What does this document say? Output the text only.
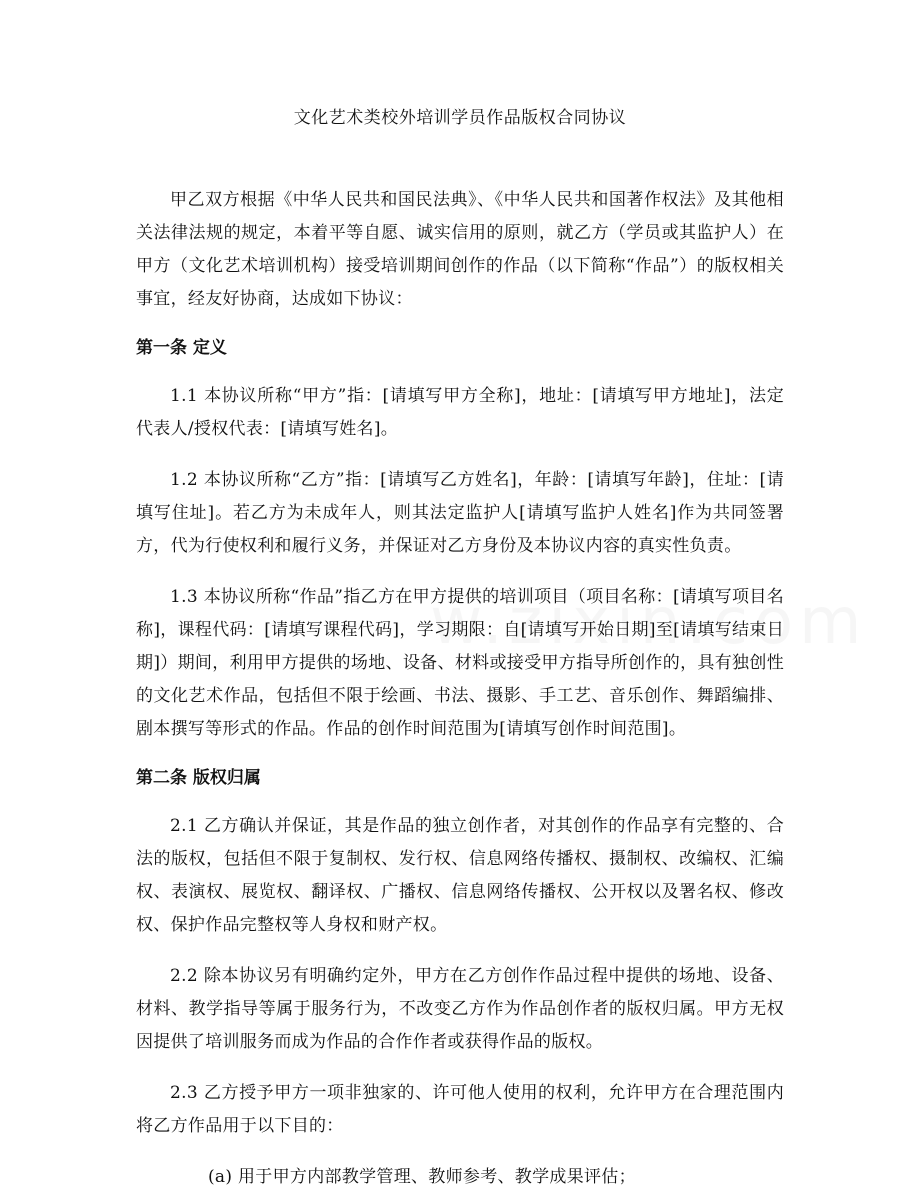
文化艺术类校外培训学员作品版权合同协议

甲乙双方根据《中华人民共和国民法典》、《中华人民共和国著作权法》及其他相关法律法规的规定，本着平等自愿、诚实信用的原则，就乙方（学员或其监护人）在甲方（文化艺术培训机构）接受培训期间创作的作品（以下简称“作品”）的版权相关事宜，经友好协商，达成如下协议：

第一条 定义

1.1 本协议所称“甲方”指：[请填写甲方全称]，地址：[请填写甲方地址]，法定代表人/授权代表：[请填写姓名]。

1.2 本协议所称“乙方”指：[请填写乙方姓名]，年龄：[请填写年龄]，住址：[请填写住址]。若乙方为未成年人，则其法定监护人[请填写监护人姓名]作为共同签署方，代为行使权利和履行义务，并保证对乙方身份及本协议内容的真实性负责。

1.3 本协议所称“作品”指乙方在甲方提供的培训项目（项目名称：[请填写项目名称]，课程代码：[请填写课程代码]，学习期限：自[请填写开始日期]至[请填写结束日期]）期间，利用甲方提供的场地、设备、材料或接受甲方指导所创作的，具有独创性的文化艺术作品，包括但不限于绘画、书法、摄影、手工艺、音乐创作、舞蹈编排、剧本撰写等形式的作品。作品的创作时间范围为[请填写创作时间范围]。

第二条 版权归属

2.1 乙方确认并保证，其是作品的独立创作者，对其创作的作品享有完整的、合法的版权，包括但不限于复制权、发行权、信息网络传播权、摄制权、改编权、汇编权、表演权、展览权、翻译权、广播权、信息网络传播权、公开权以及署名权、修改权、保护作品完整权等人身权和财产权。

2.2 除本协议另有明确约定外，甲方在乙方创作作品过程中提供的场地、设备、材料、教学指导等属于服务行为，不改变乙方作为作品创作者的版权归属。甲方无权因提供了培训服务而成为作品的合作作者或获得作品的版权。

2.3 乙方授予甲方一项非独家的、许可他人使用的权利，允许甲方在合理范围内将乙方作品用于以下目的：

(a) 用于甲方内部教学管理、教师参考、教学成果评估；
